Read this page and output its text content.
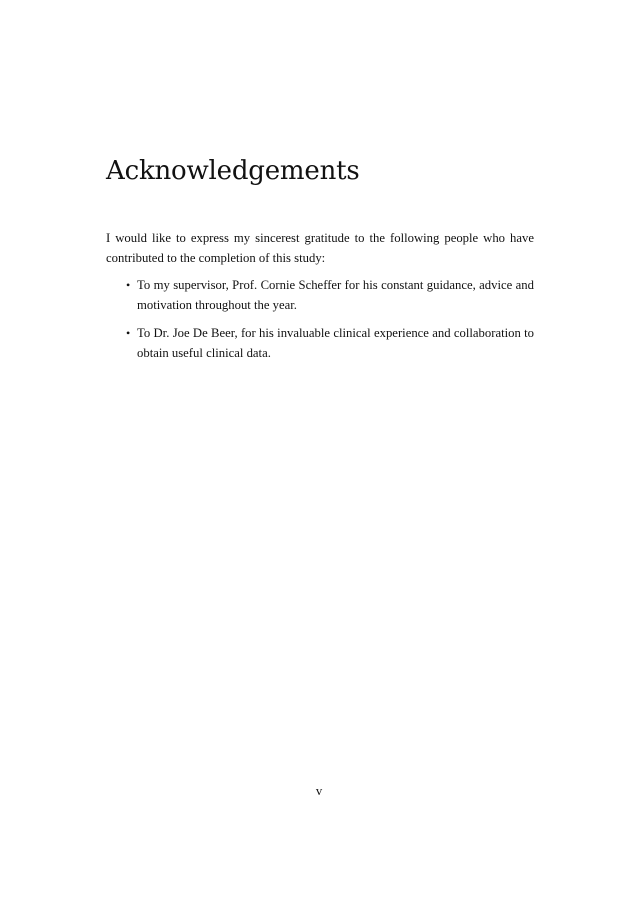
Acknowledgements

I would like to express my sincerest gratitude to the following people who have contributed to the completion of this study:

• To my supervisor, Prof. Cornie Scheffer for his constant guidance, advice and motivation throughout the year.
• To Dr. Joe De Beer, for his invaluable clinical experience and collaboration to obtain useful clinical data.
v
